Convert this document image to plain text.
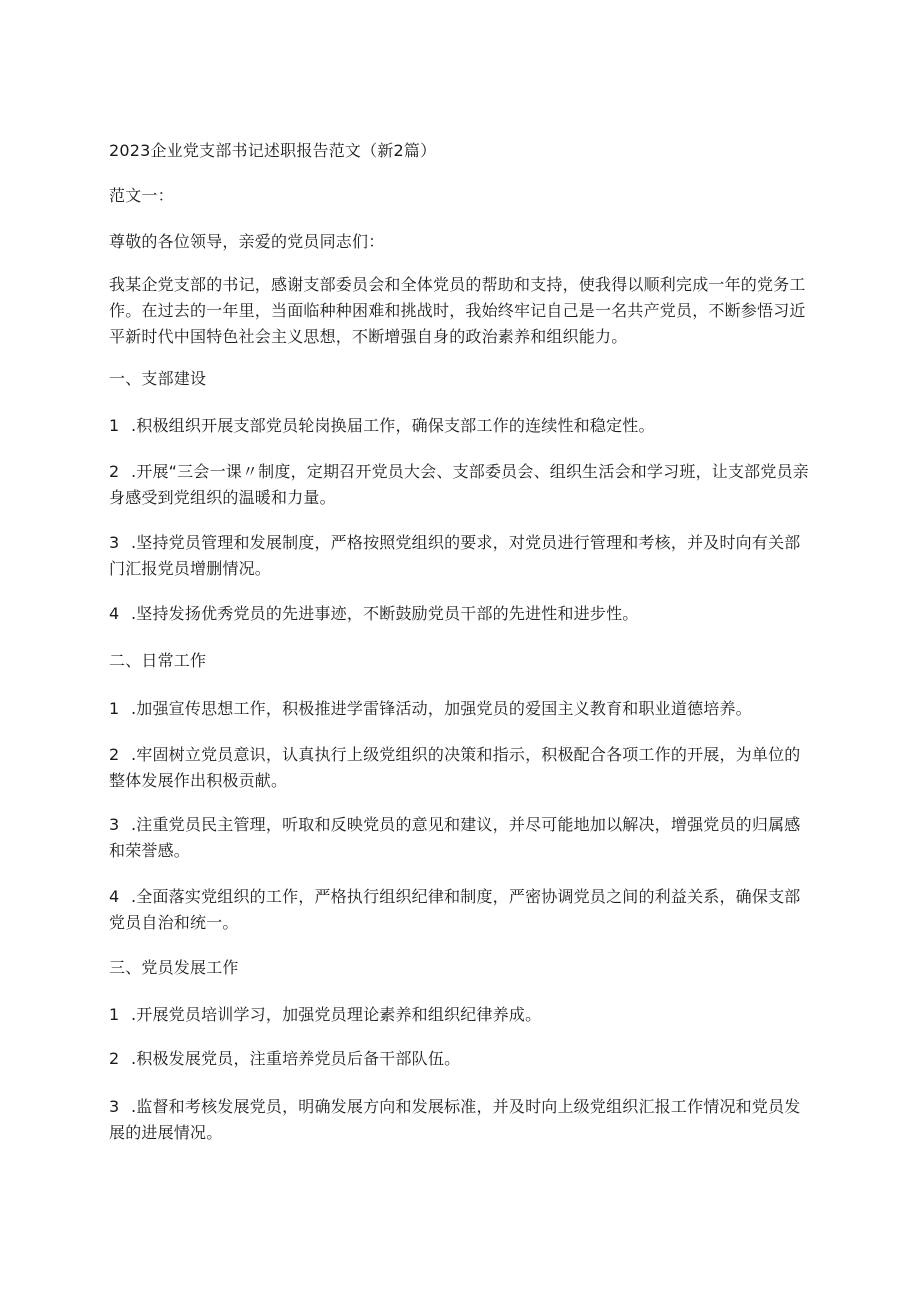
2023企业党支部书记述职报告范文（新2篇）

范文一：

尊敬的各位领导，亲爱的党员同志们：

我某企党支部的书记，感谢支部委员会和全体党员的帮助和支持，使我得以顺利完成一年的党务工作。在过去的一年里，当面临种种困难和挑战时，我始终牢记自己是一名共产党员，不断参悟习近平新时代中国特色社会主义思想，不断增强自身的政治素养和组织能力。

一、支部建设

1 .积极组织开展支部党员轮岗换届工作，确保支部工作的连续性和稳定性。

2 .开展“三会一课〃制度，定期召开党员大会、支部委员会、组织生活会和学习班，让支部党员亲身感受到党组织的温暖和力量。

3 .坚持党员管理和发展制度，严格按照党组织的要求，对党员进行管理和考核，并及时向有关部门汇报党员增删情况。

4 .坚持发扬优秀党员的先进事迹，不断鼓励党员干部的先进性和进步性。

二、日常工作

1 .加强宣传思想工作，积极推进学雷锋活动，加强党员的爱国主义教育和职业道德培养。

2 .牢固树立党员意识，认真执行上级党组织的决策和指示，积极配合各项工作的开展，为单位的整体发展作出积极贡献。

3 .注重党员民主管理，听取和反映党员的意见和建议，并尽可能地加以解决，增强党员的归属感和荣誉感。

4 .全面落实党组织的工作，严格执行组织纪律和制度，严密协调党员之间的利益关系，确保支部党员自治和统一。

三、党员发展工作

1 .开展党员培训学习，加强党员理论素养和组织纪律养成。

2 .积极发展党员，注重培养党员后备干部队伍。

3 .监督和考核发展党员，明确发展方向和发展标准，并及时向上级党组织汇报工作情况和党员发展的进展情况。
